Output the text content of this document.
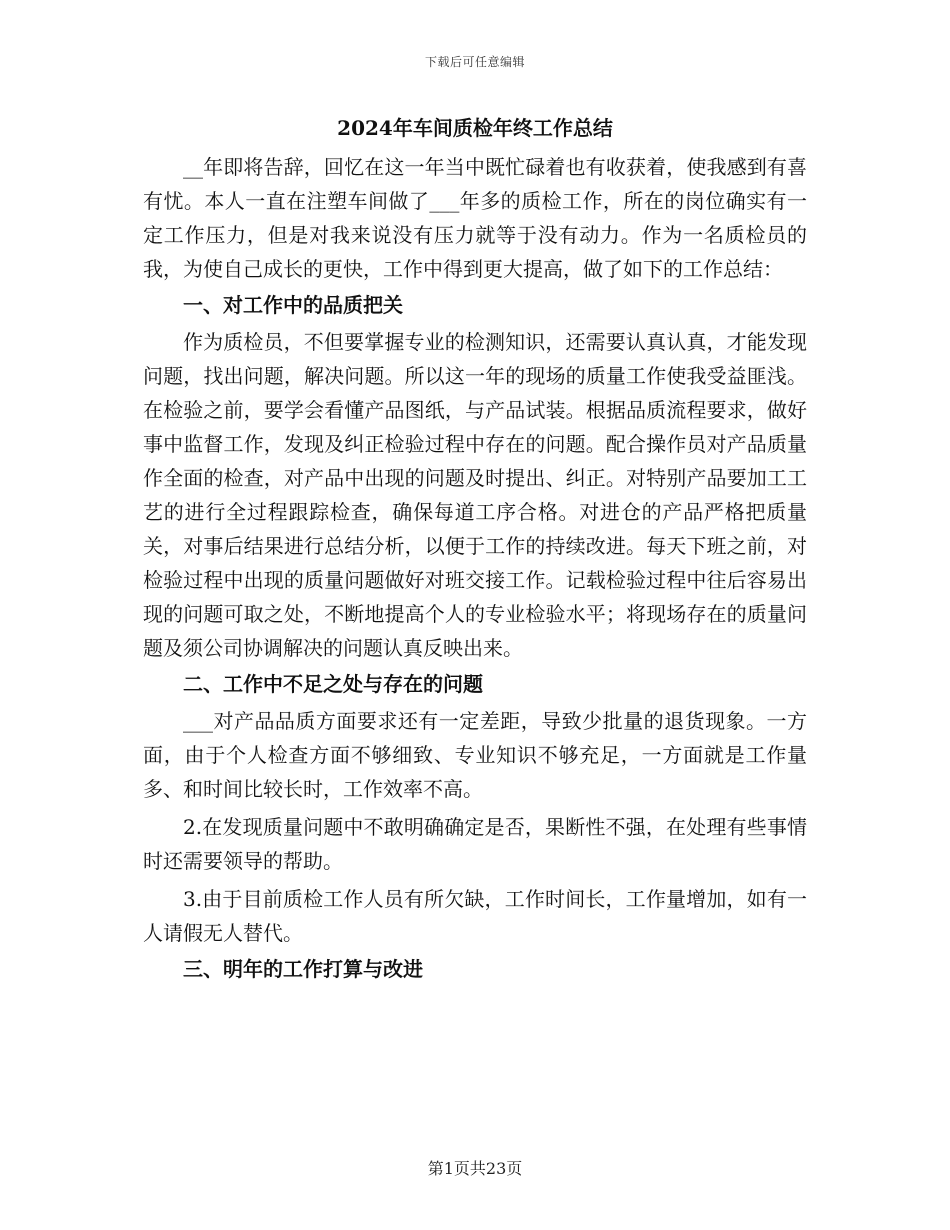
下载后可任意编辑
2024年车间质检年终工作总结

__年即将告辞，回忆在这一年当中既忙碌着也有收获着，使我感到有喜有忧。本人一直在注塑车间做了___年多的质检工作，所在的岗位确实有一定工作压力，但是对我来说没有压力就等于没有动力。作为一名质检员的我，为使自己成长的更快，工作中得到更大提高，做了如下的工作总结：

一、对工作中的品质把关

作为质检员，不但要掌握专业的检测知识，还需要认真认真，才能发现问题，找出问题，解决问题。所以这一年的现场的质量工作使我受益匪浅。在检验之前，要学会看懂产品图纸，与产品试装。根据品质流程要求，做好事中监督工作，发现及纠正检验过程中存在的问题。配合操作员对产品质量作全面的检查，对产品中出现的问题及时提出、纠正。对特别产品要加工工艺的进行全过程跟踪检查，确保每道工序合格。对进仓的产品严格把质量关，对事后结果进行总结分析，以便于工作的持续改进。每天下班之前，对检验过程中出现的质量问题做好对班交接工作。记载检验过程中往后容易出现的问题可取之处，不断地提高个人的专业检验水平；将现场存在的质量问题及须公司协调解决的问题认真反映出来。

二、工作中不足之处与存在的问题

___对产品品质方面要求还有一定差距，导致少批量的退货现象。一方面，由于个人检查方面不够细致、专业知识不够充足，一方面就是工作量多、和时间比较长时，工作效率不高。

2.在发现质量问题中不敢明确确定是否，果断性不强，在处理有些事情时还需要领导的帮助。

3.由于目前质检工作人员有所欠缺，工作时间长，工作量增加，如有一人请假无人替代。

三、明年的工作打算与改进

第1页共23页
